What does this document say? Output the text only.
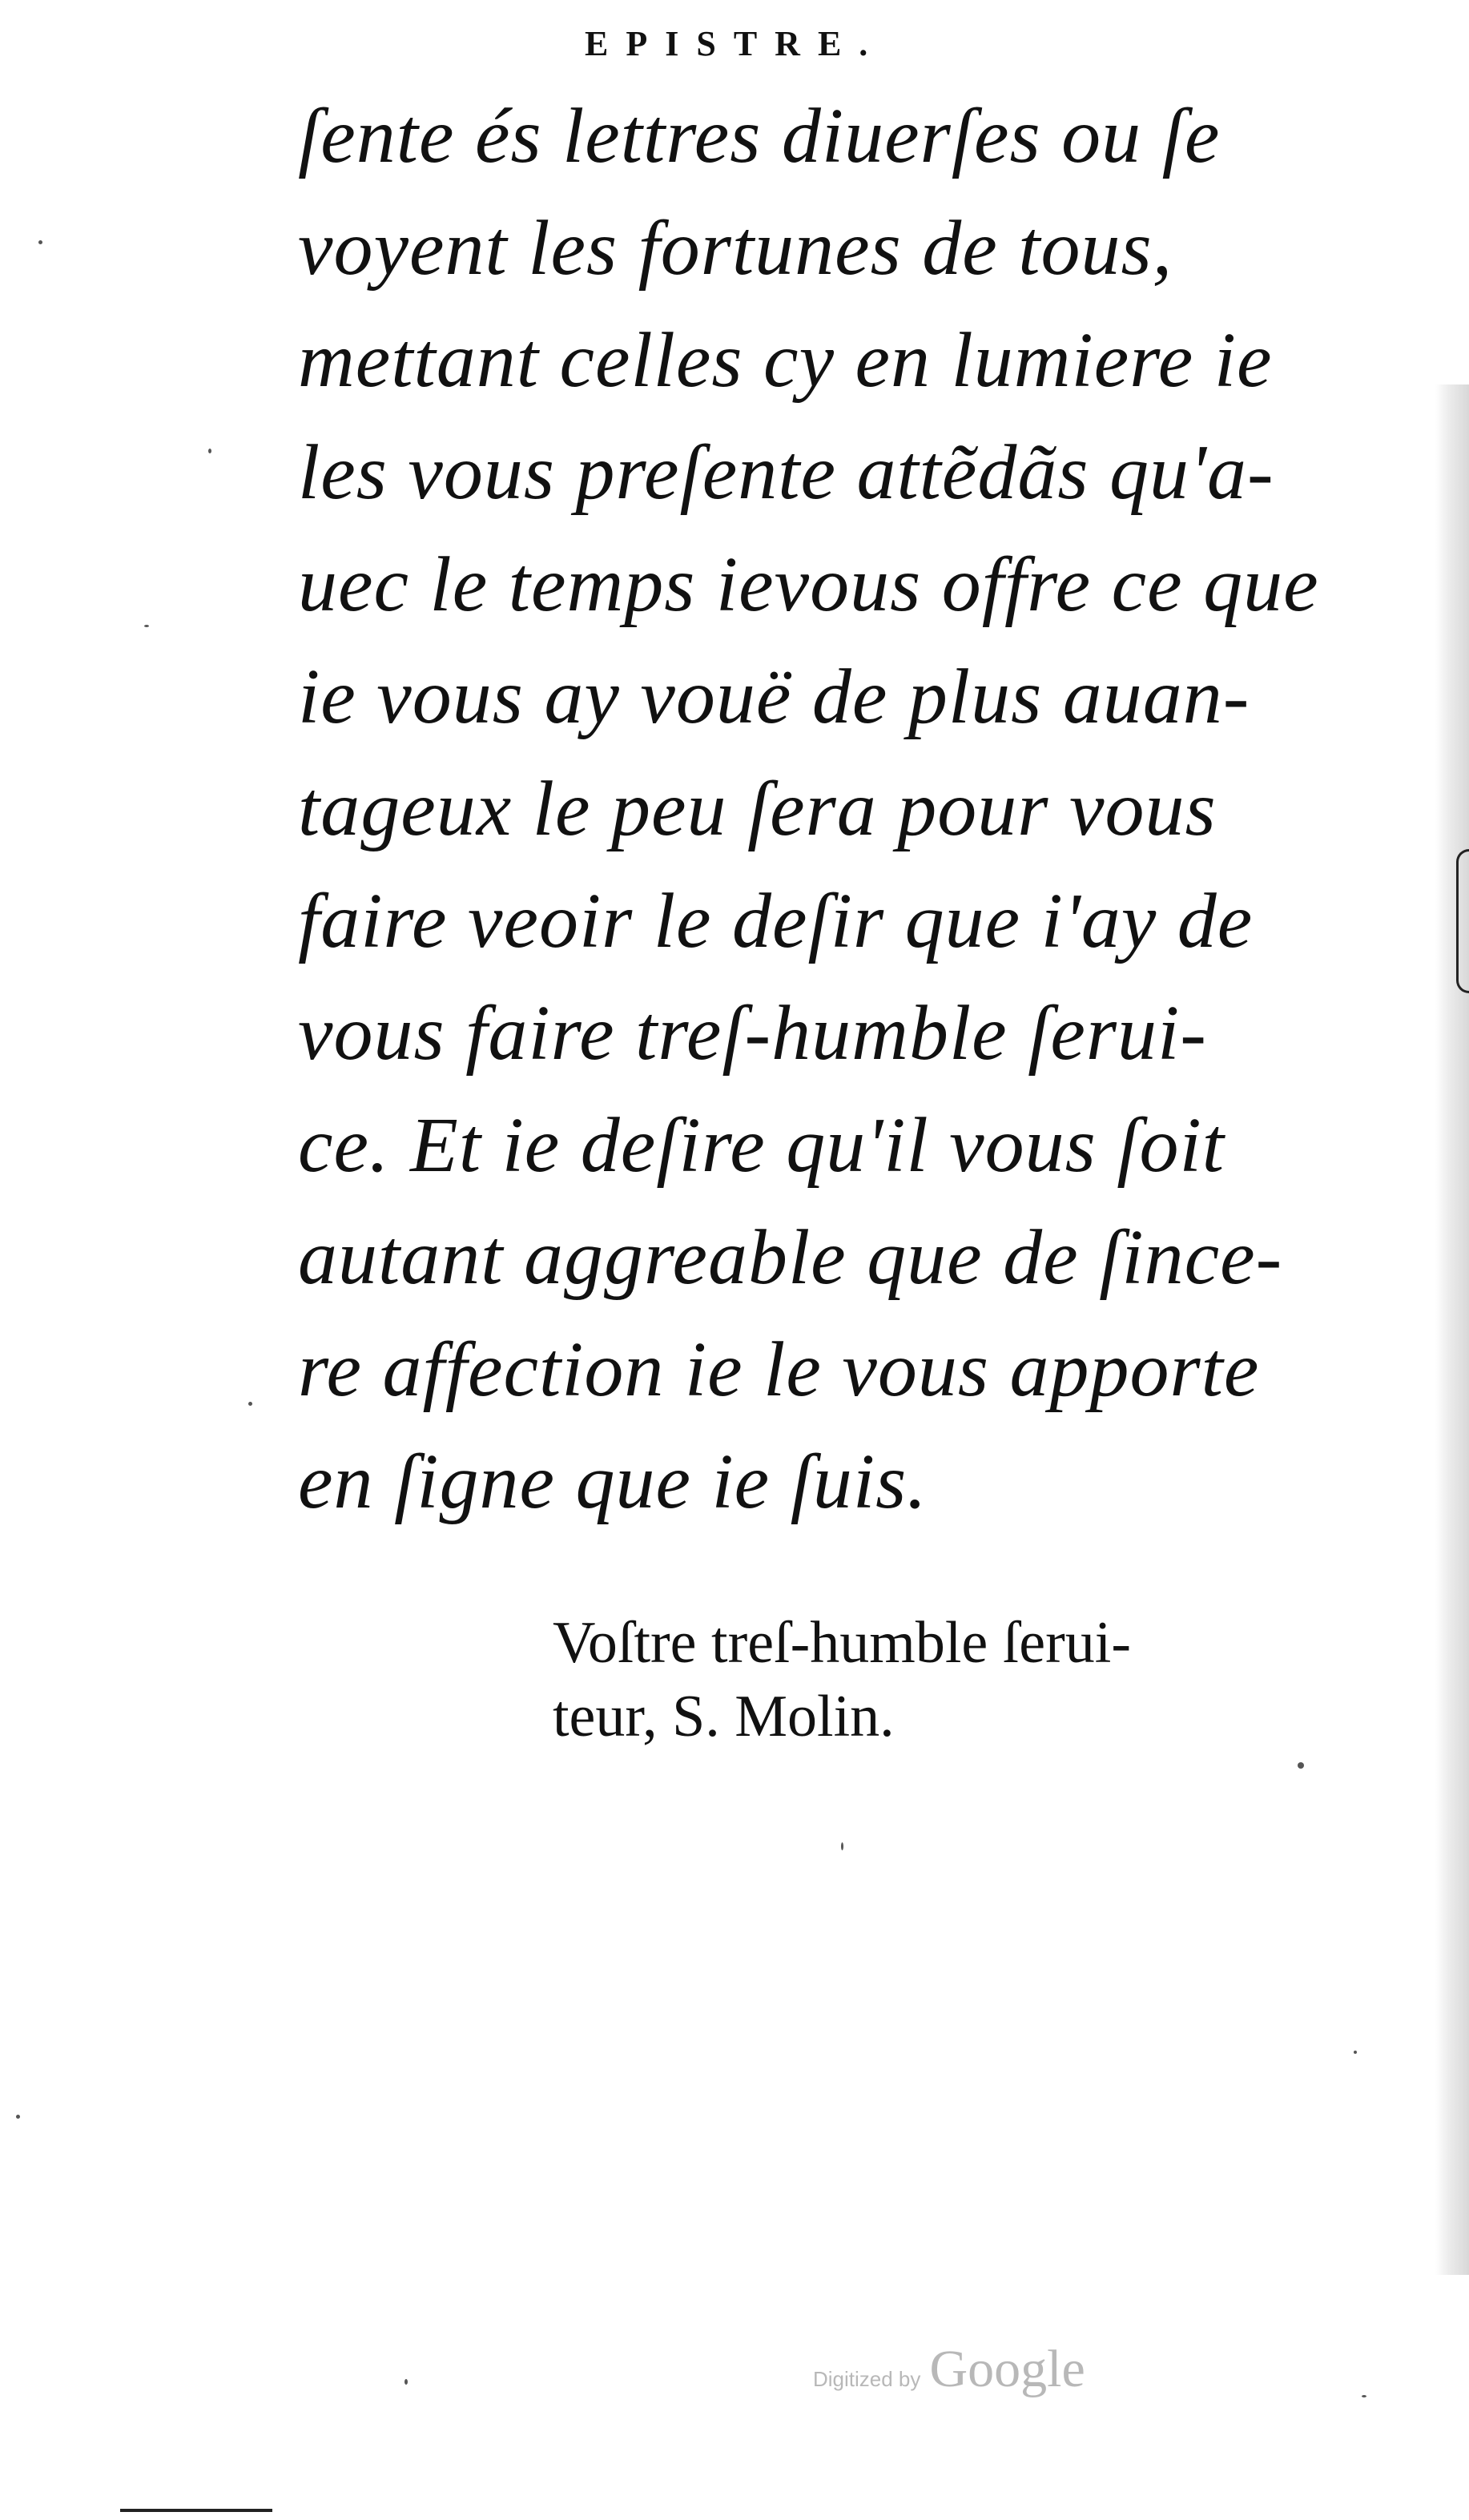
EPISTRE.
ſente és lettres diuerſes ou ſe
voyent les fortunes de tous,
mettant celles cy en lumiere ie
les vous preſente attẽdãs qu'a-
uec le temps ievous offre ce que
ie vous ay vouë de plus auan-
tageux le peu ſera pour vous
faire veoir le deſir que i'ay de
vous faire treſ-humble ſerui-
ce. Et ie deſire qu'il vous ſoit
autant aggreable que de ſince-
re affection ie le vous apporte
en ſigne que ie ſuis.
Voſtre treſ-humble ſerui-
teur, S. Molin.
Digitized by Google
